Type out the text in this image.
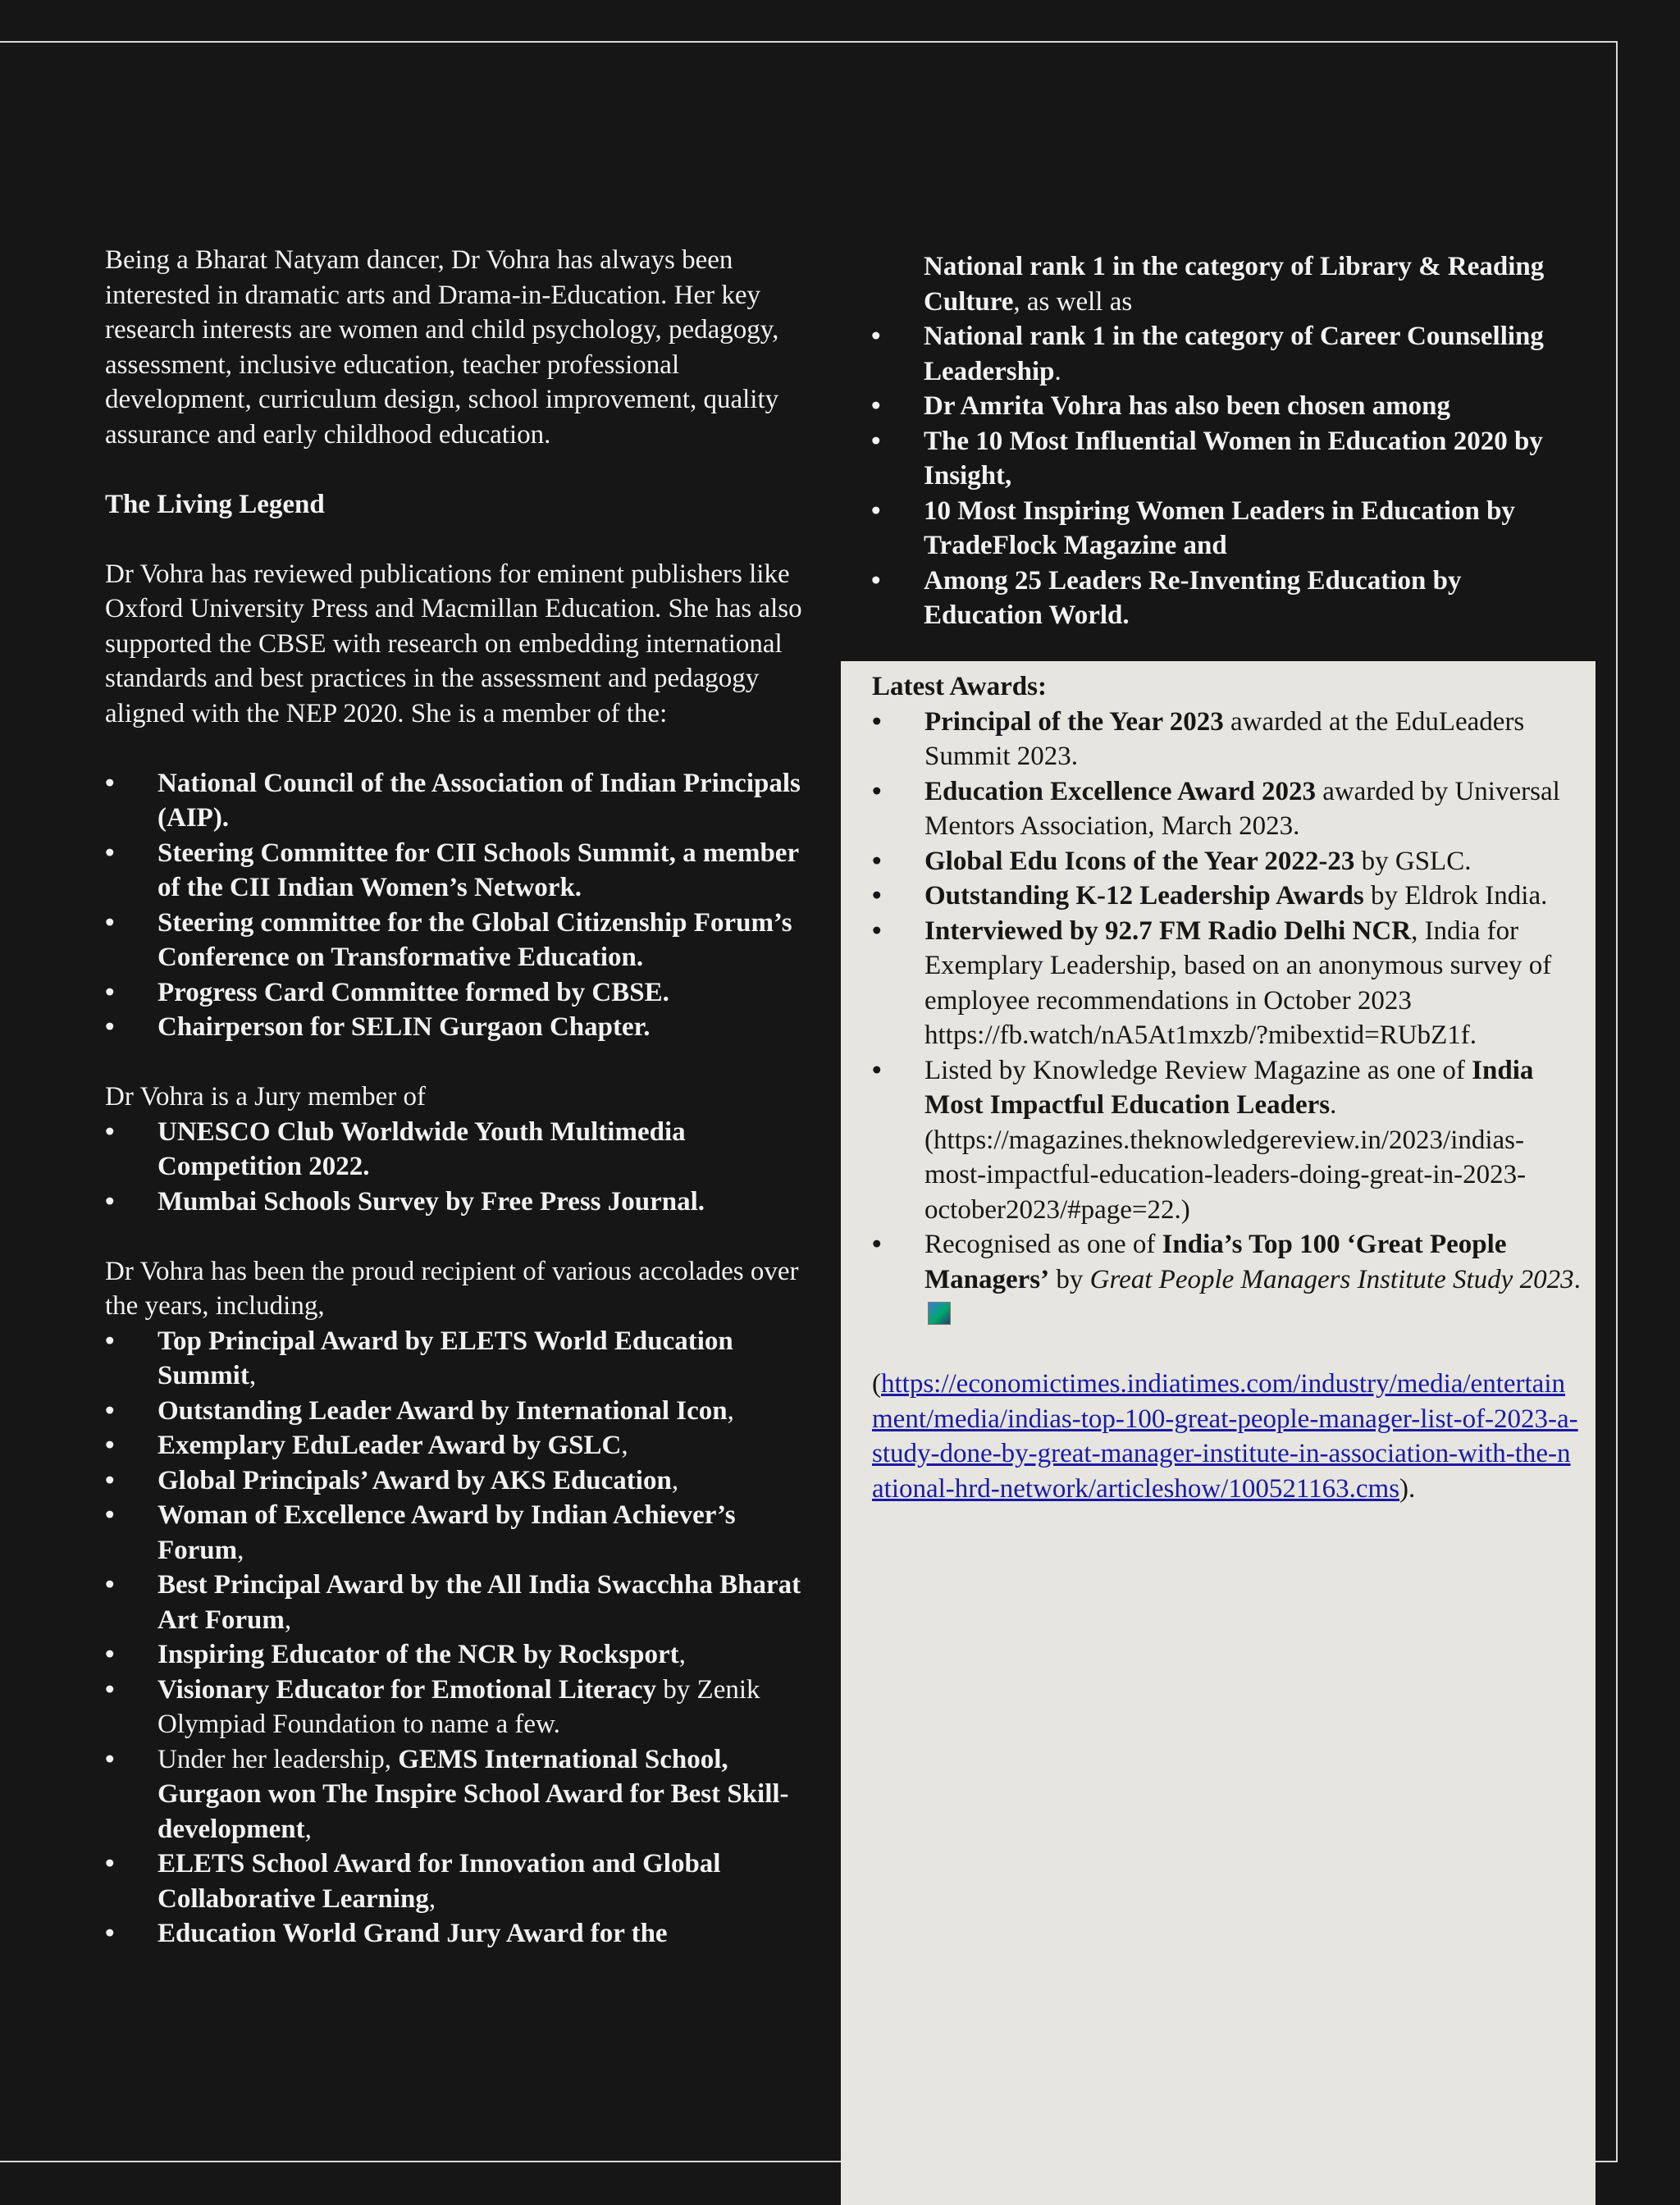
Being a Bharat Natyam dancer, Dr Vohra has always been interested in dramatic arts and Drama-in-Education. Her key research interests are women and child psychology, pedagogy, assessment, inclusive education, teacher professional development, curriculum design, school improvement, quality assurance and early childhood education.

The Living Legend

Dr Vohra has reviewed publications for eminent publishers like Oxford University Press and Macmillan Education. She has also supported the CBSE with research on embedding international standards and best practices in the assessment and pedagogy aligned with the NEP 2020. She is a member of the:

• National Council of the Association of Indian Principals (AIP).
• Steering Committee for CII Schools Summit, a member of the CII Indian Women’s Network.
• Steering committee for the Global Citizenship Forum’s Conference on Transformative Education.
• Progress Card Committee formed by CBSE.
• Chairperson for SELIN Gurgaon Chapter.

Dr Vohra is a Jury member of

• UNESCO Club Worldwide Youth Multimedia Competition 2022.
• Mumbai Schools Survey by Free Press Journal.

Dr Vohra has been the proud recipient of various accolades over the years, including,

• Top Principal Award by ELETS World Education Summit,
• Outstanding Leader Award by International Icon,
• Exemplary EduLeader Award by GSLC,
• Global Principals’ Award by AKS Education,
• Woman of Excellence Award by Indian Achiever’s Forum,
• Best Principal Award by the All India Swacchha Bharat Art Forum,
• Inspiring Educator of the NCR by Rocksport,
• Visionary Educator for Emotional Literacy by Zenik Olympiad Foundation to name a few.
• Under her leadership, GEMS International School, Gurgaon won The Inspire School Award for Best Skill-development,
• ELETS School Award for Innovation and Global Collaborative Learning,
• Education World Grand Jury Award for the

National rank 1 in the category of Library & Reading Culture, as well as

• National rank 1 in the category of Career Counselling Leadership.
• Dr Amrita Vohra has also been chosen among
• The 10 Most Influential Women in Education 2020 by Insight,
• 10 Most Inspiring Women Leaders in Education by TradeFlock Magazine and
• Among 25 Leaders Re-Inventing Education by Education World.

Latest Awards:

• Principal of the Year 2023 awarded at the EduLeaders Summit 2023.
• Education Excellence Award 2023 awarded by Universal Mentors Association, March 2023.
• Global Edu Icons of the Year 2022-23 by GSLC.
• Outstanding K-12 Leadership Awards by Eldrok India.
• Interviewed by 92.7 FM Radio Delhi NCR, India for Exemplary Leadership, based on an anonymous survey of employee recommendations in October 2023 https://fb.watch/nA5At1mxzb/?mibextid=RUbZ1f.
• Listed by Knowledge Review Magazine as one of India Most Impactful Education Leaders. (https://magazines.theknowledgereview.in/2023/indias-most-impactful-education-leaders-doing-great-in-2023-october2023/#page=22.)
• Recognised as one of India’s Top 100 ‘Great People Managers’ by Great People Managers Institute Study 2023.

(https://economictimes.indiatimes.com/industry/media/entertainment/media/indias-top-100-great-people-manager-list-of-2023-a-study-done-by-great-manager-institute-in-association-with-the-national-hrd-network/articleshow/100521163.cms).
